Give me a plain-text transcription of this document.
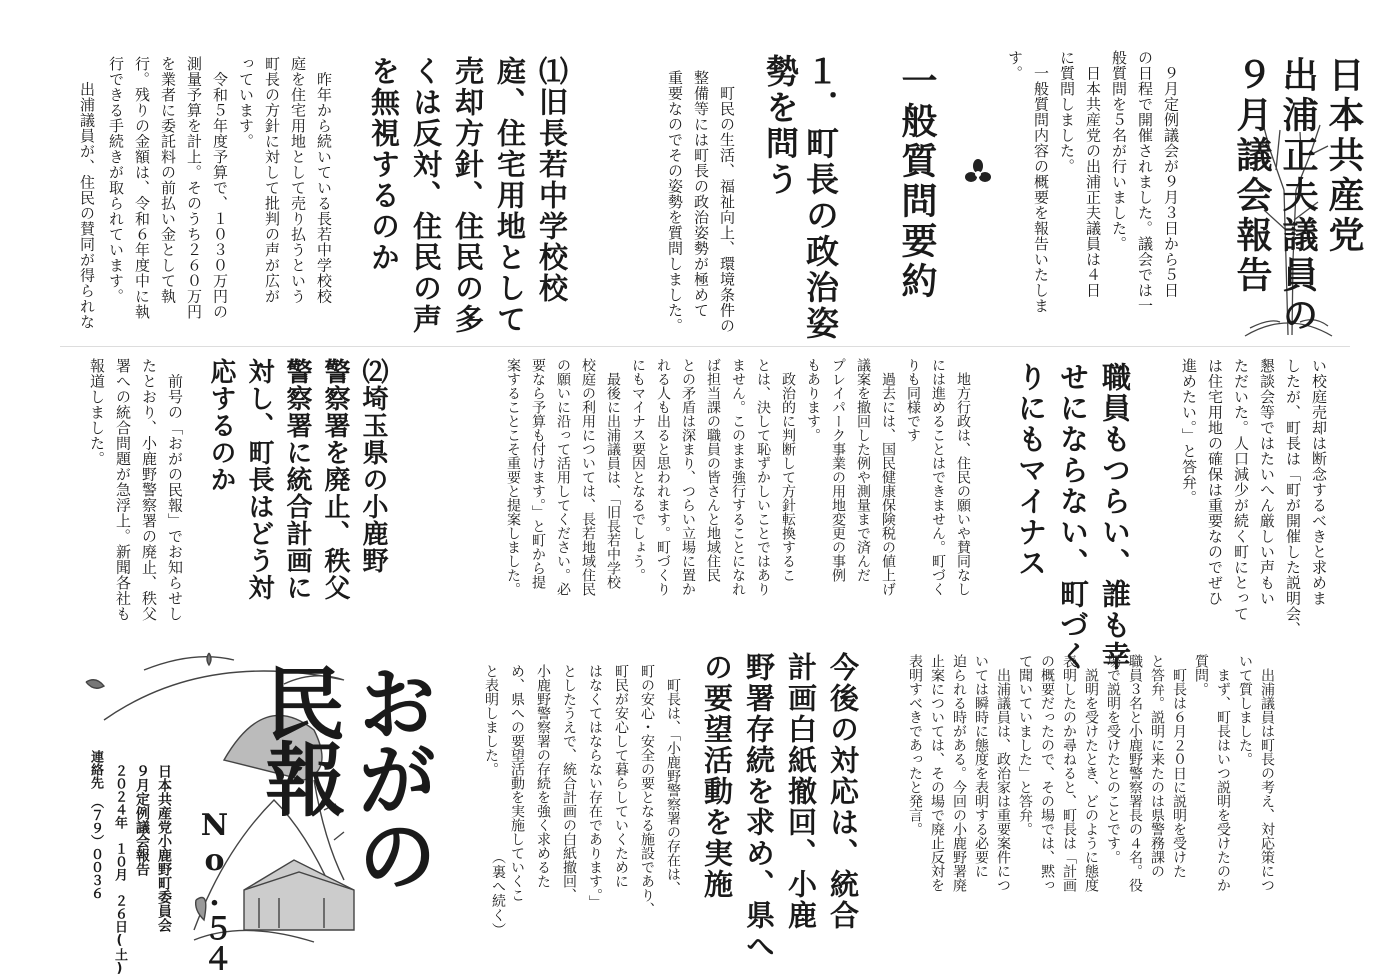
日本共産党
出浦正夫議員の
９月議会報告
　９月定例議会が９月３日から５日
の日程で開催されました。議会では一
般質問を５名が行いました。
　日本共産党の出浦正夫議員は４日
に質問しました。
　一般質問内容の概要を報告いたしま
す。
一般質問要約
１．町長の政治姿
勢を問う
　町民の生活、福祉向上、環境条件の
整備等には町長の政治姿勢が極めて
重要なのでその姿勢を質問しました。
⑴旧長若中学校校
庭、住宅用地として
売却方針、住民の多
くは反対、住民の声
を無視するのか
　昨年から続いている長若中学校校
庭を住宅用地として売り払うという
町長の方針に対して批判の声が広が
っています。
　令和５年度予算で、１０３０万円の
測量予算を計上。そのうち２６０万円
を業者に委託料の前払い金として執
行。残りの金額は、令和６年度中に執
行できる手続きが取られています。
　出浦議員が、住民の賛同が得られな
い校庭売却は断念するべきと求めま
したが、町長は「町が開催した説明会、
懇談会等ではたいへん厳しい声もい
ただいた。人口減少が続く町にとって
は住宅用地の確保は重要なのでぜひ
進めたい。」と答弁。
　出浦議員は町長の考え、対応策につ
いて質しました。
　まず、町長はいつ説明を受けたのか
質問。
　町長は６月２０日に説明を受けた
と答弁。説明に来たのは県警務課の
職員３名と小鹿野警察署長の４名。役
場で説明を受けたとのことです。
　説明を受けたとき、どのように態度
表明したのか尋ねると、町長は「計画
の概要だったので、その場では、黙っ
て聞いていました」と答弁。
　出浦議員は、政治家は重要案件につ
いては瞬時に態度を表明する必要に
迫られる時がある。今回の小鹿野署廃
止案については、その場で廃止反対を
表明すべきであったと発言。
職員もつらい、誰も幸
せにならない、町づく
りにもマイナス
　地方行政は、住民の願いや賛同なし
には進めることはできません。町づく
りも同様です
　過去には、国民健康保険税の値上げ
議案を撤回した例や測量まで済んだ
プレイパーク事業の用地変更の事例
もあります。
　政治的に判断して方針転換するこ
とは、決して恥ずかしいことではあり
ません。このまま強行することになれ
ば担当課の職員の皆さんと地域住民
との矛盾は深まり、つらい立場に置か
れる人も出ると思われます。町づくり
にもマイナス要因となるでしょう。
　最後に出浦議員は、「旧長若中学校
校庭の利用については、長若地域住民
の願いに沿って活用してください。必
要なら予算も付けます。」と町から提
案することこそ重要と提案しました。
⑵埼玉県の小鹿野
警察署を廃止、秩父
警察署に統合計画に
対し、町長はどう対
応するのか
　前号の「おがの民報」でお知らせし
たとおり、小鹿野警察署の廃止、秩父
署への統合問題が急浮上。新聞各社も
報道しました。
今後の対応は、統合
計画白紙撤回、小鹿
野署存続を求め、県へ
の要望活動を実施
　町長は、「小鹿野警察署の存在は、
町の安心・安全の要となる施設であり、
町民が安心して暮らしていくために
はなくてはならない存在であります。」
としたうえで、統合計画の白紙撤回、
小鹿野警察署の存続を強く求めるた
め、県への要望活動を実施していくこ
と表明しました。
（裏へ続く）
おがの
民報
No.５４
日本共産党小鹿野町委員会
９月定例議会報告
２０２４年　１０月　２６日(土)
連絡先　（７９）００３６
